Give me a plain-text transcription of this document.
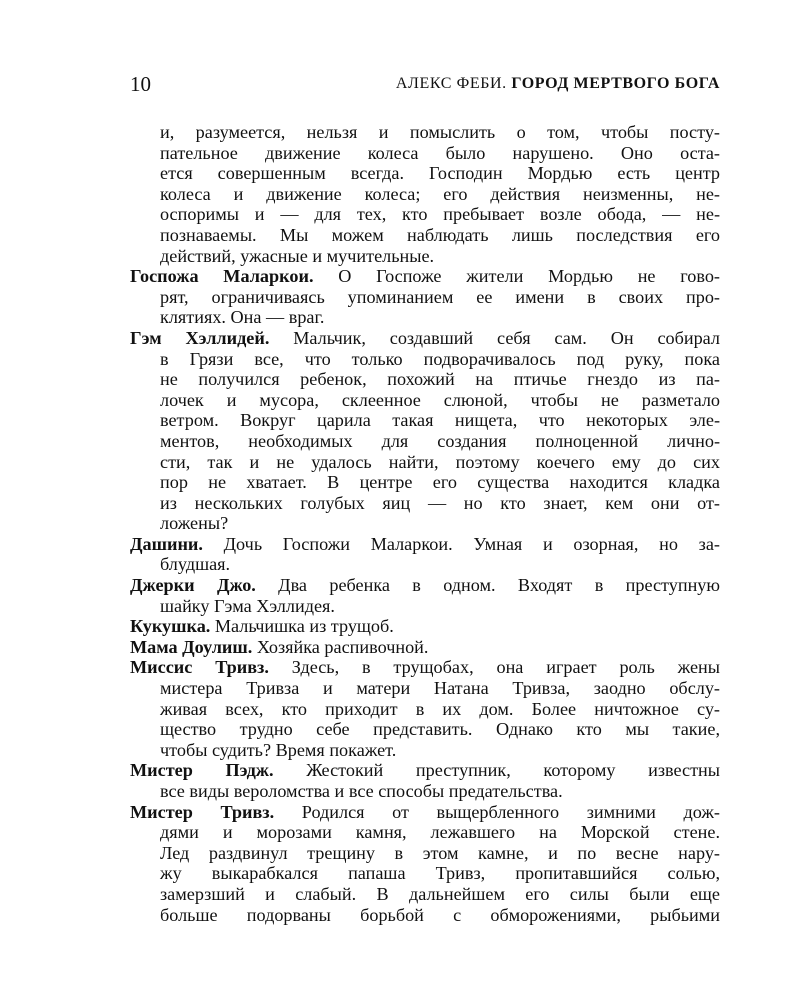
10	АЛЕКС ФЕБИ. ГОРОД МЕРТВОГО БОГА
и, разумеется, нельзя и помыслить о том, чтобы посту-
пательное движение колеса было нарушено. Оно оста-
ется совершенным всегда. Господин Мордью есть центр
колеса и движение колеса; его действия неизменны, не-
оспоримы и — для тех, кто пребывает возле обода, — не-
познаваемы. Мы можем наблюдать лишь последствия его
действий, ужасные и мучительные.
Госпожа Маларкои. О Госпоже жители Мордью не гово-
рят, ограничиваясь упоминанием ее имени в своих про-
клятиях. Она — враг.
Гэм Хэллидей. Мальчик, создавший себя сам. Он собирал
в Грязи все, что только подворачивалось под руку, пока
не получился ребенок, похожий на птичье гнездо из па-
лочек и мусора, склеенное слюной, чтобы не разметало
ветром. Вокруг царила такая нищета, что некоторых эле-
ментов, необходимых для создания полноценной лично-
сти, так и не удалось найти, поэтому коечего ему до сих
пор не хватает. В центре его существа находится кладка
из нескольких голубых яиц — но кто знает, кем они от-
ложены?
Дашини. Дочь Госпожи Маларкои. Умная и озорная, но за-
блудшая.
Джерки Джо. Два ребенка в одном. Входят в преступную
шайку Гэма Хэллидея.
Кукушка. Мальчишка из трущоб.
Мама Доулиш. Хозяйка распивочной.
Миссис Тривз. Здесь, в трущобах, она играет роль жены
мистера Тривза и матери Натана Тривза, заодно обслу-
живая всех, кто приходит в их дом. Более ничтожное су-
щество трудно себе представить. Однако кто мы такие,
чтобы судить? Время покажет.
Мистер Пэдж. Жестокий преступник, которому известны
все виды вероломства и все способы предательства.
Мистер Тривз. Родился от выщербленного зимними дож-
дями и морозами камня, лежавшего на Морской стене.
Лед раздвинул трещину в этом камне, и по весне нару-
жу выкарабкался папаша Тривз, пропитавшийся солью,
замерзший и слабый. В дальнейшем его силы были еще
больше подорваны борьбой с обморожениями, рыбьими
